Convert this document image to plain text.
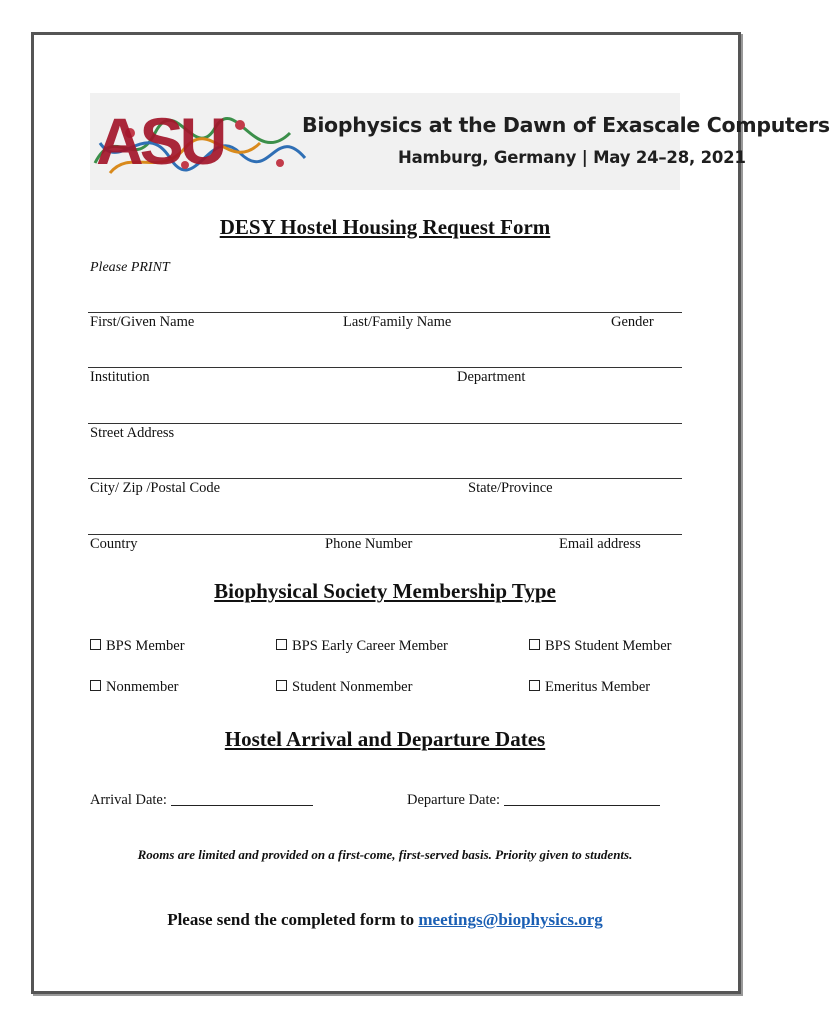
ASU	Biophysics at the Dawn of Exascale Computers
Hamburg, Germany | May 24–28, 2021
DESY Hostel Housing Request Form
Please PRINT
First/Given Name	Last/Family Name	Gender
Institution	Department
Street Address
City/ Zip /Postal Code	State/Province
Country	Phone Number	Email address
Biophysical Society Membership Type
BPS Member	BPS Early Career Member	BPS Student Member
Nonmember	Student Nonmember	Emeritus Member
Hostel Arrival and Departure Dates
Arrival Date:	Departure Date:
Rooms are limited and provided on a first-come, first-served basis. Priority given to students.
Please send the completed form to meetings@biophysics.org
